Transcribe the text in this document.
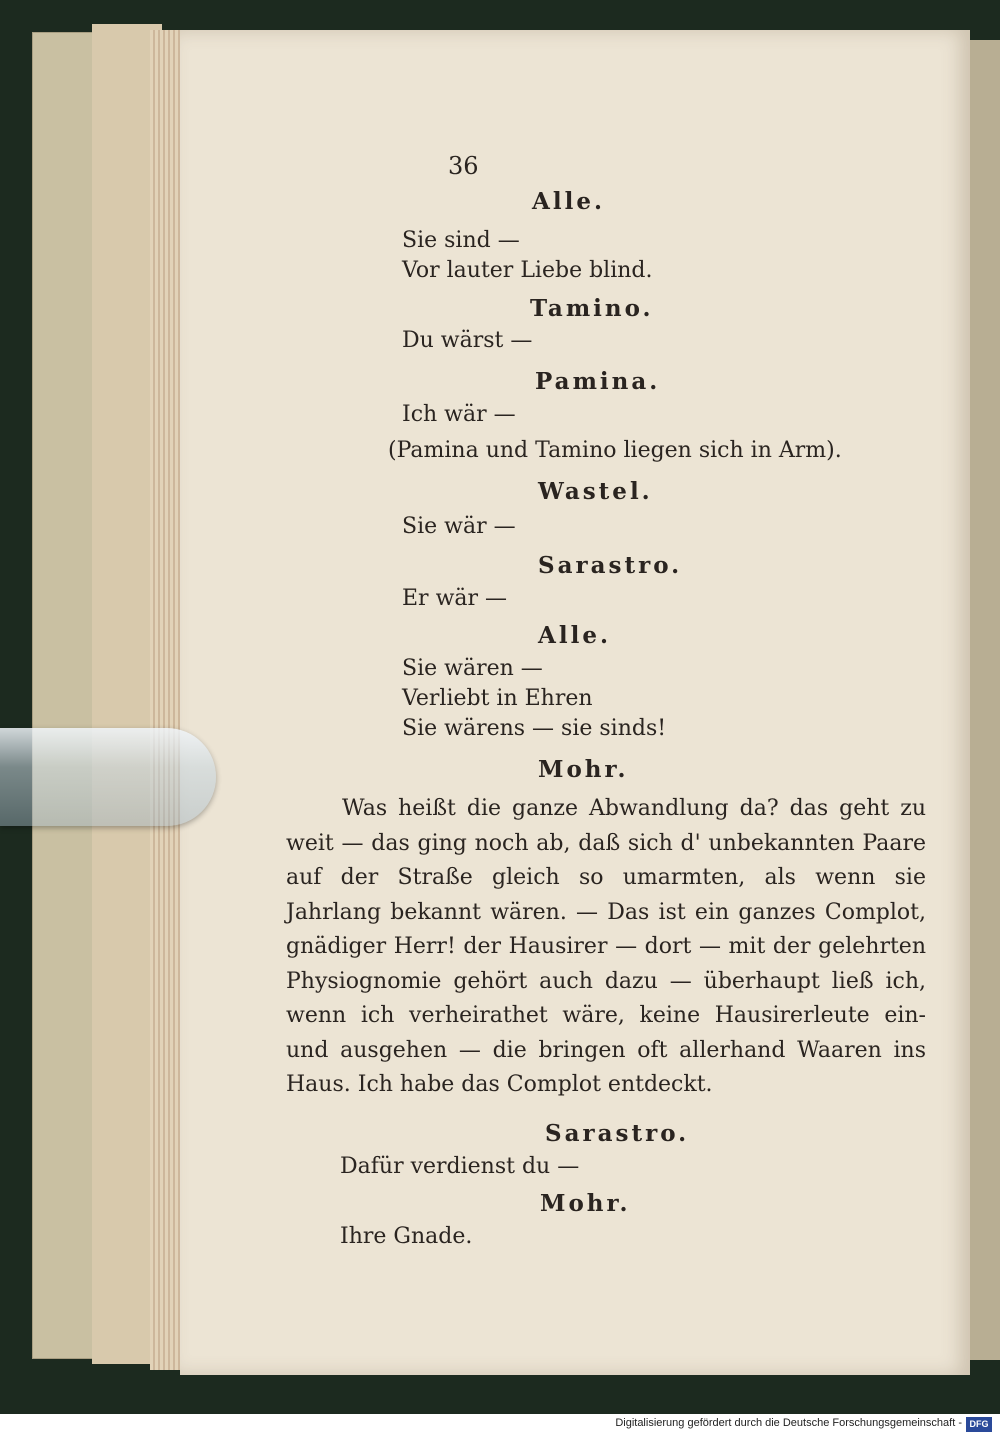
36
Alle.
Sie sind —
Vor lauter Liebe blind.
Tamino.
Du wärst —
Pamina.
Ich wär —
(Pamina und Tamino liegen sich in Arm).
Wastel.
Sie wär —
Sarastro.
Er wär —
Alle.
Sie wären —
Verliebt in Ehren
Sie wärens — sie sinds!
Mohr.

Was heißt die ganze Abwandlung da? das geht zu weit — das ging noch ab, daß sich d' unbekannten Paare auf der Straße gleich so umarmten, als wenn sie Jahrlang bekannt wären. — Das ist ein ganzes Complot, gnädiger Herr! der Hausirer — dort — mit der gelehrten Physiognomie gehört auch dazu — überhaupt ließ ich, wenn ich verheirathet wäre, keine Hausirerleute ein- und ausgehen — die bringen oft allerhand Waaren ins Haus. Ich habe das Complot entdeckt.

Sarastro.
Dafür verdienst du —
Mohr.
Ihre Gnade.
Digitalisierung gefördert durch die Deutsche Forschungsgemeinschaft - DFG
